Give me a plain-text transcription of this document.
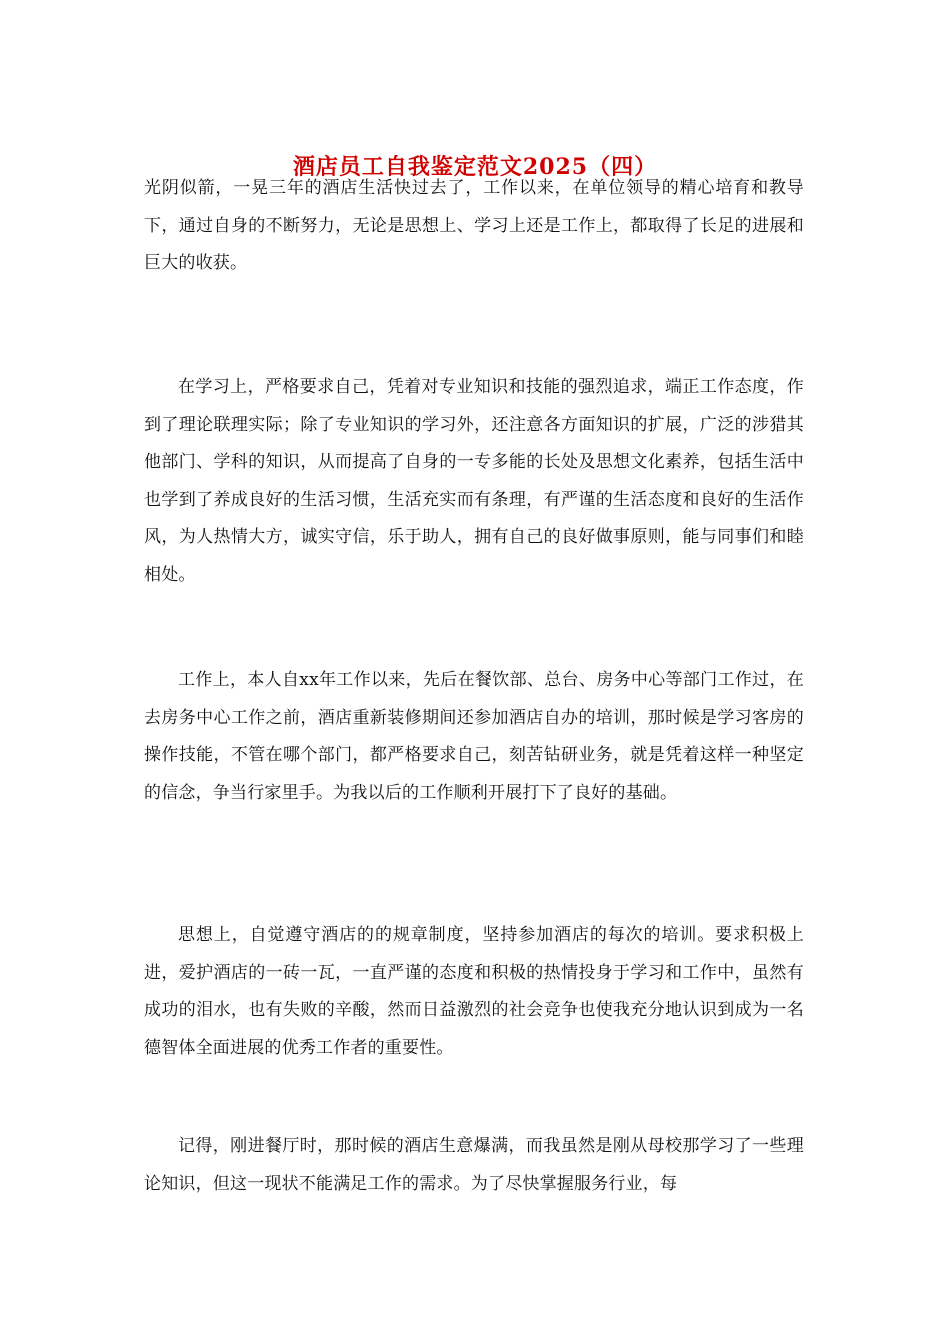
酒店员工自我鉴定范文2025（四）

光阴似箭，一晃三年的酒店生活快过去了，工作以来，在单位领导的精心培育和教导下，通过自身的不断努力，无论是思想上、学习上还是工作上，都取得了长足的进展和巨大的收获。

在学习上，严格要求自己，凭着对专业知识和技能的强烈追求，端正工作态度，作到了理论联理实际；除了专业知识的学习外，还注意各方面知识的扩展，广泛的涉猎其他部门、学科的知识，从而提高了自身的一专多能的长处及思想文化素养，包括生活中也学到了养成良好的生活习惯，生活充实而有条理，有严谨的生活态度和良好的生活作风，为人热情大方，诚实守信，乐于助人，拥有自己的良好做事原则，能与同事们和睦相处。

工作上，本人自xx年工作以来，先后在餐饮部、总台、房务中心等部门工作过，在去房务中心工作之前，酒店重新装修期间还参加酒店自办的培训，那时候是学习客房的操作技能，不管在哪个部门，都严格要求自己，刻苦钻研业务，就是凭着这样一种坚定的信念，争当行家里手。为我以后的工作顺利开展打下了良好的基础。

思想上，自觉遵守酒店的的规章制度，坚持参加酒店的每次的培训。要求积极上进，爱护酒店的一砖一瓦，一直严谨的态度和积极的热情投身于学习和工作中，虽然有成功的泪水，也有失败的辛酸，然而日益激烈的社会竞争也使我充分地认识到成为一名德智体全面进展的优秀工作者的重要性。

记得，刚进餐厅时，那时候的酒店生意爆满，而我虽然是刚从母校那学习了一些理论知识，但这一现状不能满足工作的需求。为了尽快掌握服务行业，每
